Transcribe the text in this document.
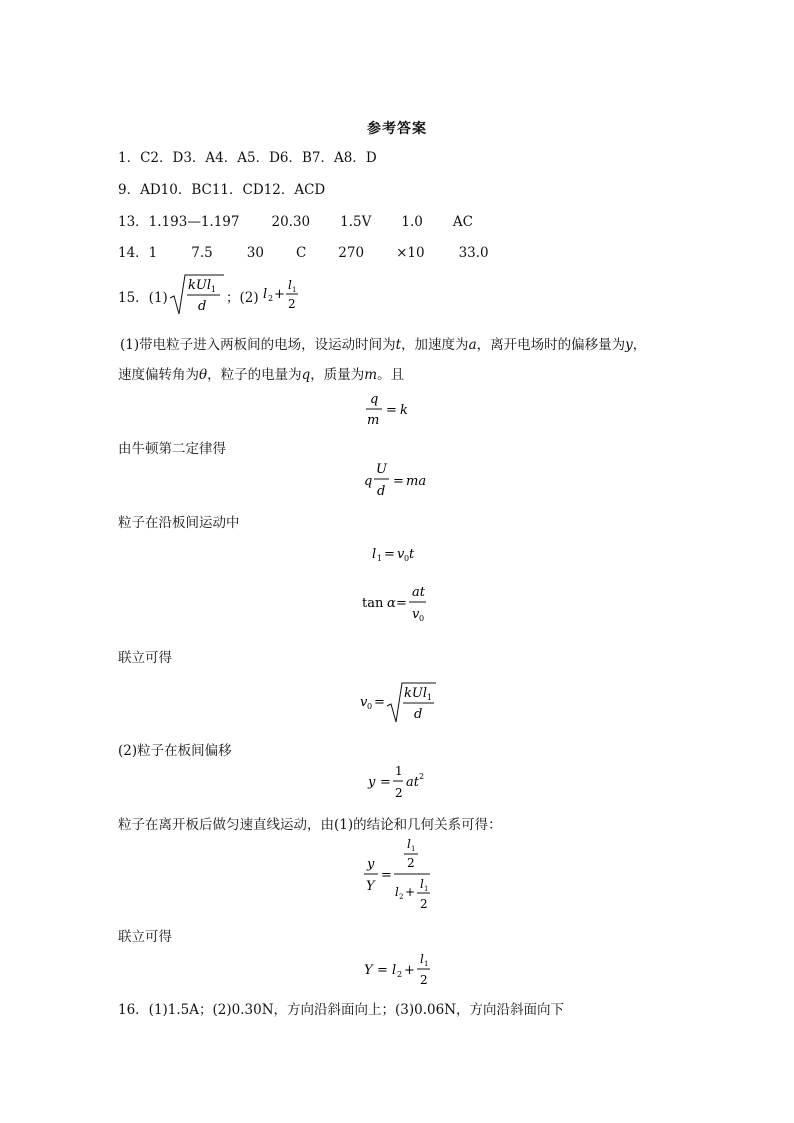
参考答案
1．C2．D3．A4．A5．D6．B7．A8．D
9．AD10．BC11．CD12．ACD
13．1.193—1.197 20.30 1.5V 1.0 AC
14．1	7.5	30 C 270 ×10	33.0
15．(1)
kUl 1
d
；(2) l 2 +
l 1
2
(1)带电粒子进入两板间的电场，设运动时间为t，加速度为a，离开电场时的偏移量为y，
速度偏转角为θ，粒子的电量为q，质量为m。且
q
m
= k
由牛顿第二定律得
q
U
d
= ma
粒子在沿板间运动中
l 1 = v 0 t
tan α =
at
v 0
联立可得
v 0 =
kUl 1
d
(2)粒子在板间偏移
y =
1
2
at 2
粒子在离开板后做匀速直线运动，由(1)的结论和几何关系可得：
y
Y
=
l 1
2
l 2 +
l 1
2
联立可得
Y = l 2 +
l 1
2
16．(1)1.5A；(2)0.30N，方向沿斜面向上；(3)0.06N，方向沿斜面向下
